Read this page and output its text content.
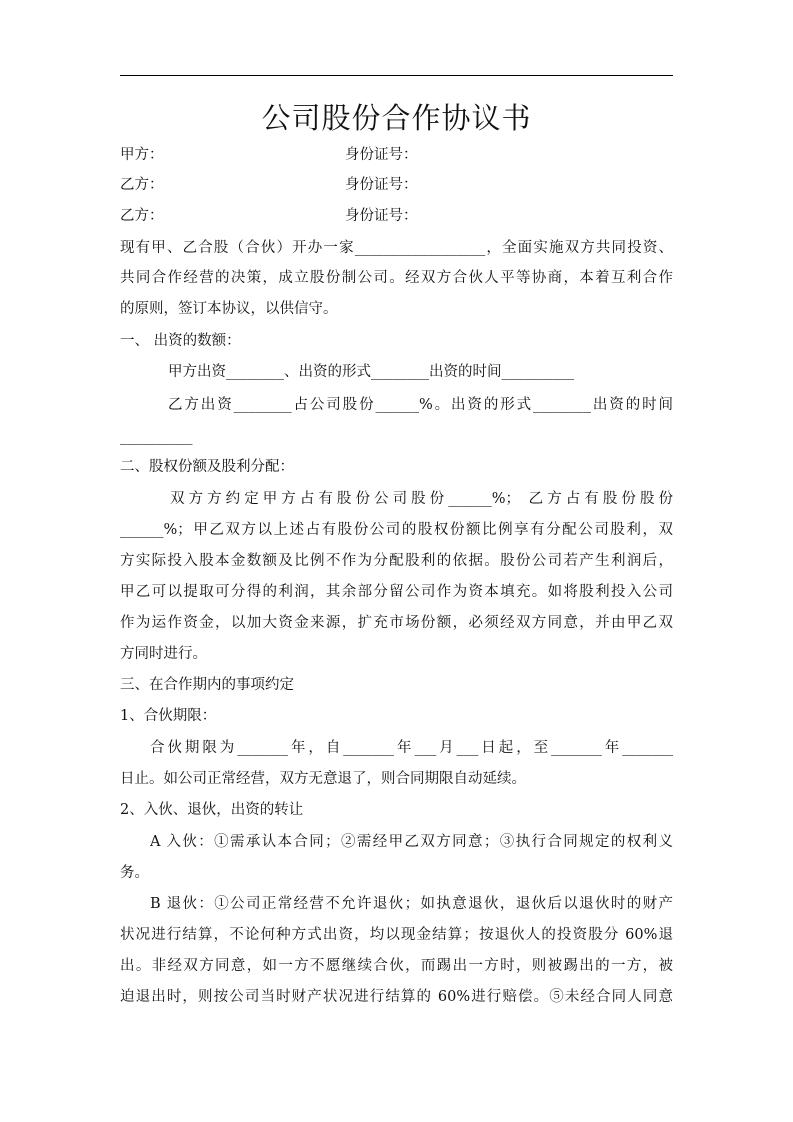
公司股份合作协议书
甲方：	身份证号：
乙方：	身份证号：
乙方：	身份证号：
现有甲、乙合股（合伙）开办一家__________________，全面实施双方共同投资、
共同合作经营的决策，成立股份制公司。经双方合伙人平等协商，本着互利合作
的原则，签订本协议，以供信守。
一、 出资的数额：
甲方出资________、出资的形式________出资的时间__________
乙方出资________占公司股份______%。出资的形式________出资的时间
__________
二、股权份额及股利分配：
双方方约定甲方占有股份公司股份______%； 乙方占有股份股份
______%；甲乙双方以上述占有股份公司的股权份额比例享有分配公司股利，双
方实际投入股本金数额及比例不作为分配股利的依据。股份公司若产生利润后，
甲乙可以提取可分得的利润，其余部分留公司作为资本填充。如将股利投入公司
作为运作资金，以加大资金来源，扩充市场份额，必须经双方同意，并由甲乙双
方同时进行。
三、在合作期内的事项约定
1、合伙期限：
合伙期限为_______年，自_______年___月___日起，至_______年_______
日止。如公司正常经营，双方无意退了，则合同期限自动延续。
2、入伙、退伙，出资的转让
A 入伙：①需承认本合同；②需经甲乙双方同意；③执行合同规定的权利义
务。
B 退伙：①公司正常经营不允许退伙；如执意退伙，退伙后以退伙时的财产
状况进行结算，不论何种方式出资，均以现金结算；按退伙人的投资股分 60%退
出。非经双方同意，如一方不愿继续合伙，而踢出一方时，则被踢出的一方，被
迫退出时，则按公司当时财产状况进行结算的 60%进行赔偿。⑤未经合同人同意
